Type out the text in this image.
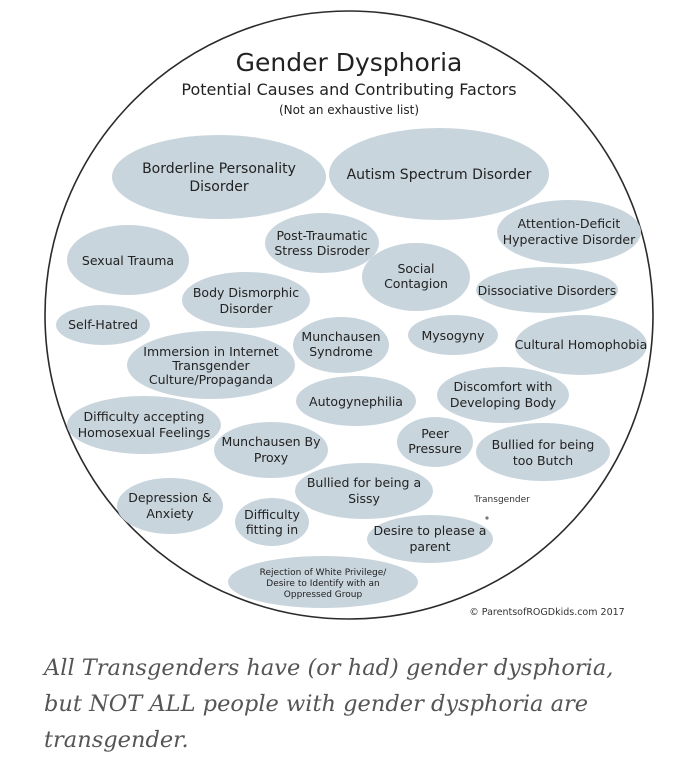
Gender Dysphoria
Potential Causes and Contributing Factors
(Not an exhaustive list)
Borderline Personality
Disorder
Autism Spectrum Disorder
Post-Traumatic
Stress Disroder
Attention-Deficit
Hyperactive Disorder
Sexual Trauma
Social
Contagion Dissociative Disorders
Body Dismorphic
Disorder
Self-Hatred
Munchausen
Syndrome
Mysogyny
Cultural Homophobia
Immersion in Internet
Transgender
Culture/Propaganda
Autogynephilia
Discomfort with
Developing Body
Difficulty accepting
Homosexual Feelings
Munchausen By
Proxy
Peer
Pressure Bullied for being
too Butch
Bullied for being a
Sissy
Depression &
Anxiety	Difficulty
fitting in	Desire to please a
parent
Rejection of White Privilege/
Desire to Identify with an
Oppressed Group
Transgender
© ParentsofROGDkids.com 2017
All Transgenders have (or had) gender dysphoria,
but NOT ALL people with gender dysphoria are
transgender.
